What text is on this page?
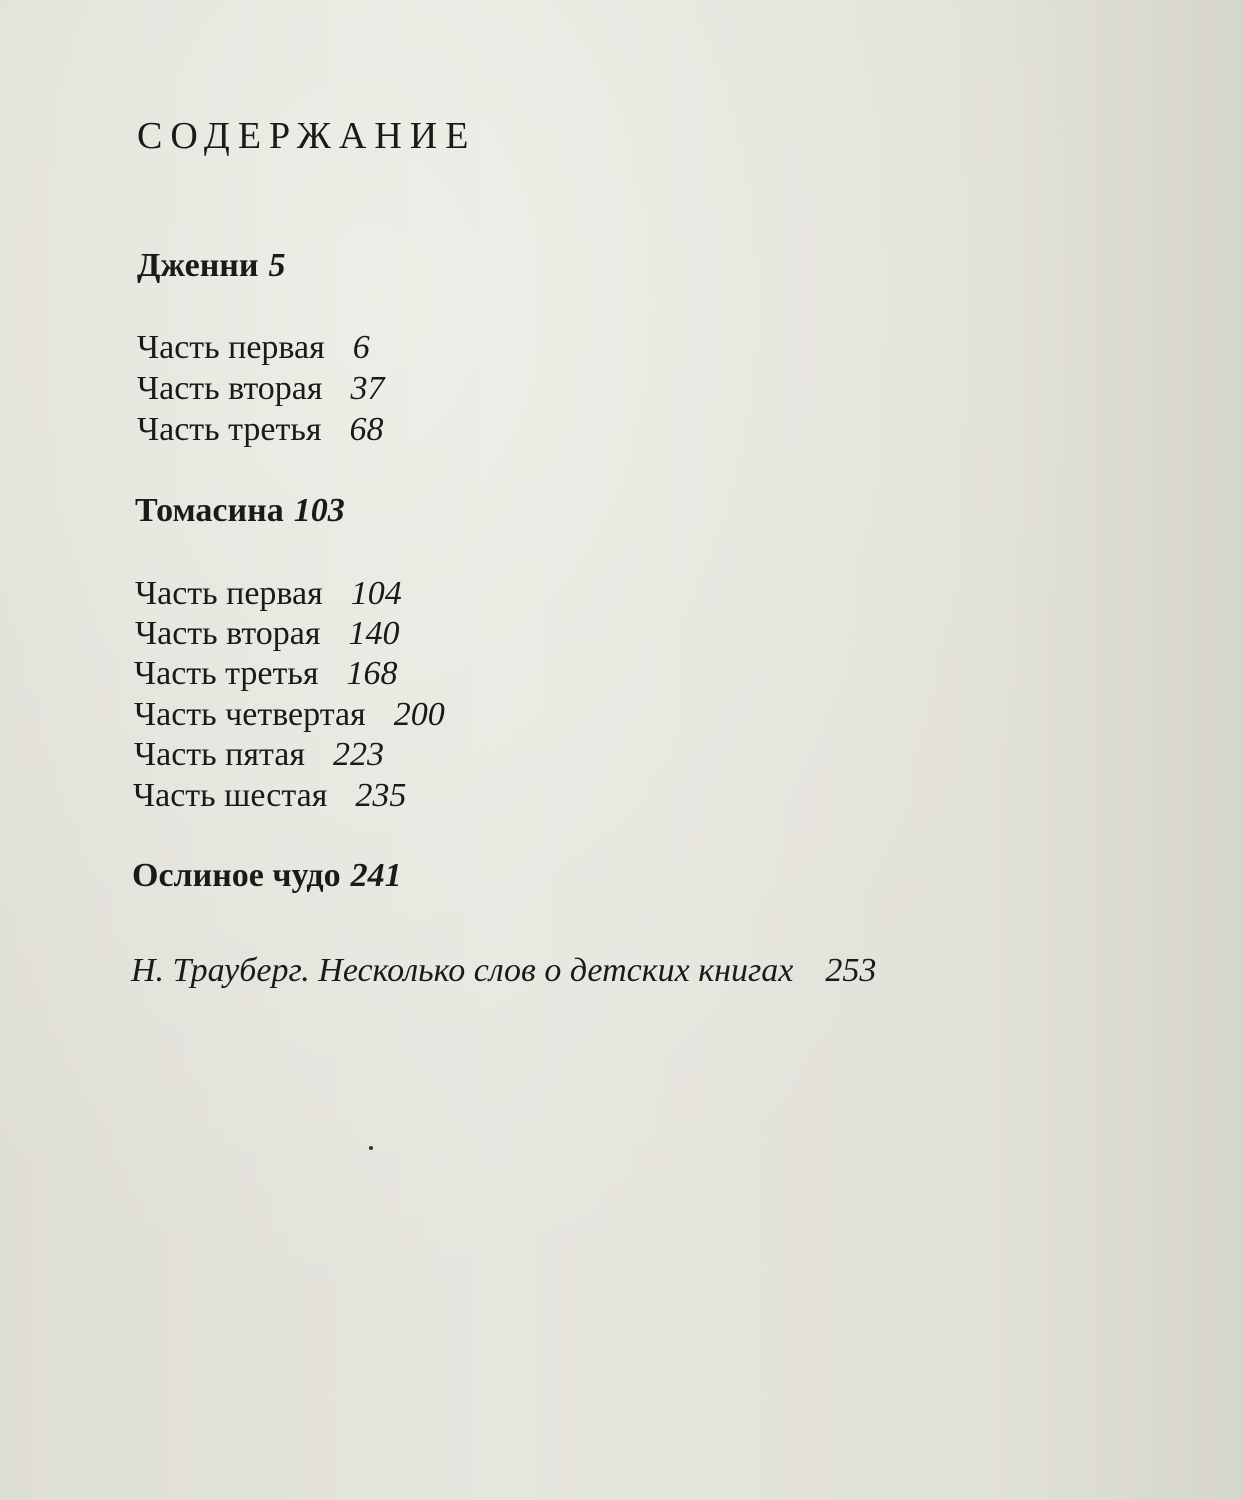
СОДЕРЖАНИЕ
Дженни 5
Часть первая 6
Часть вторая 37
Часть третья 68
Томасина 103
Часть первая 104
Часть вторая 140
Часть третья 168
Часть четвертая 200
Часть пятая 223
Часть шестая 235
Ослиное чудо 241
Н. Трауберг. Несколько слов о детских книгах 253
